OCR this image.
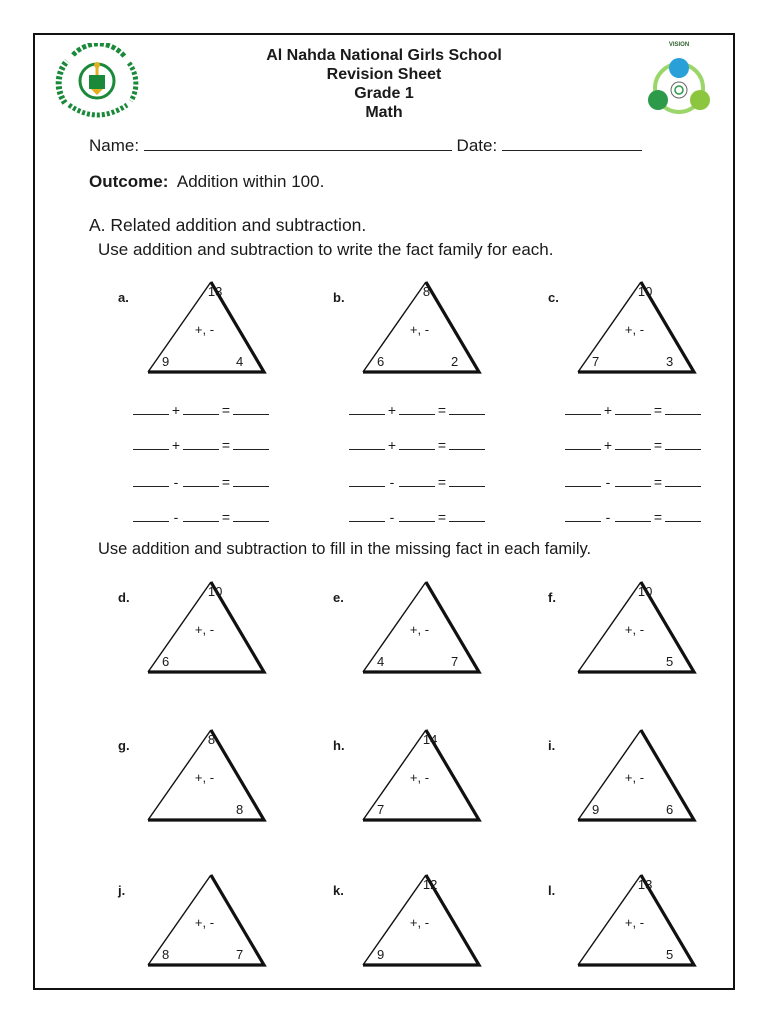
VISION
Al Nahda National Girls School
Revision Sheet
Grade 1
Math
Name:	Date:
Outcome: Addition within 100.
A. Related addition and subtraction.
Use addition and subtraction to write the fact family for each.
Use addition and subtraction to fill in the missing fact in each family.
a.	13
9	4
+, -
b.	8
6	2
+, -
c.	10
7	3
+, -
d.	10
6
+, -
e.
4	7
+, -
f.	10
5
+, -
g.	8
8
+, -
h.	14
7
+, -
i.
9	6
+, -
j.
8	7
+, -
k.	12
9
+, -
l.	13
5
+, -
+	=
+	=
-	=
-	=
+	=
+	=
-	=
-	=
+	=
+	=
-	=
-	=
